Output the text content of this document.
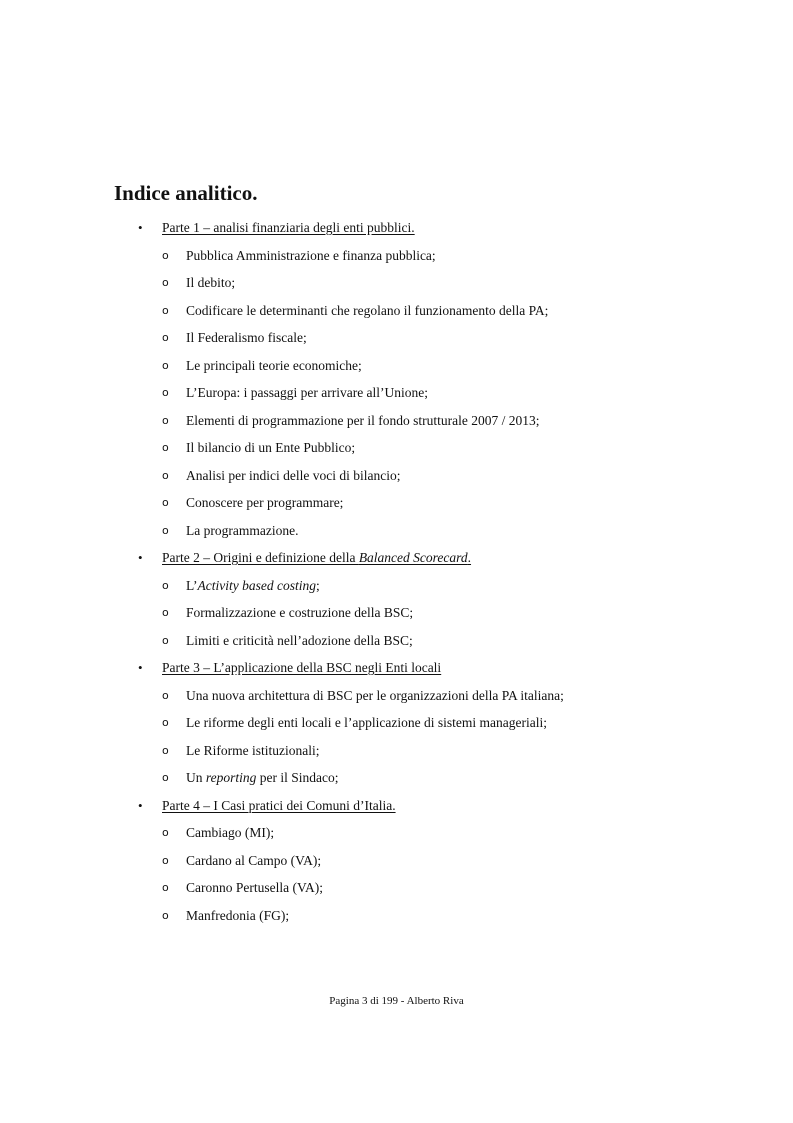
Indice analitico.
• Parte 1 – analisi finanziaria degli enti pubblici.
o Pubblica Amministrazione e finanza pubblica;
o Il debito;
o Codificare le determinanti che regolano il funzionamento della PA;
o Il Federalismo fiscale;
o Le principali teorie economiche;
o L’Europa: i passaggi per arrivare all’Unione;
o Elementi di programmazione per il fondo strutturale 2007 / 2013;
o Il bilancio di un Ente Pubblico;
o Analisi per indici delle voci di bilancio;
o Conoscere per programmare;
o La programmazione.
• Parte 2 – Origini e definizione della Balanced Scorecard.
o L’Activity based costing;
o Formalizzazione e costruzione della BSC;
o Limiti e criticità nell’adozione della BSC;
• Parte 3 – L’applicazione della BSC negli Enti locali
o Una nuova architettura di BSC per le organizzazioni della PA italiana;
o Le riforme degli enti locali e l’applicazione di sistemi manageriali;
o Le Riforme istituzionali;
o Un reporting per il Sindaco;
• Parte 4 – I Casi pratici dei Comuni d’Italia.
o Cambiago (MI);
o Cardano al Campo (VA);
o Caronno Pertusella (VA);
o Manfredonia (FG);
Pagina 3 di 199 - Alberto Riva
